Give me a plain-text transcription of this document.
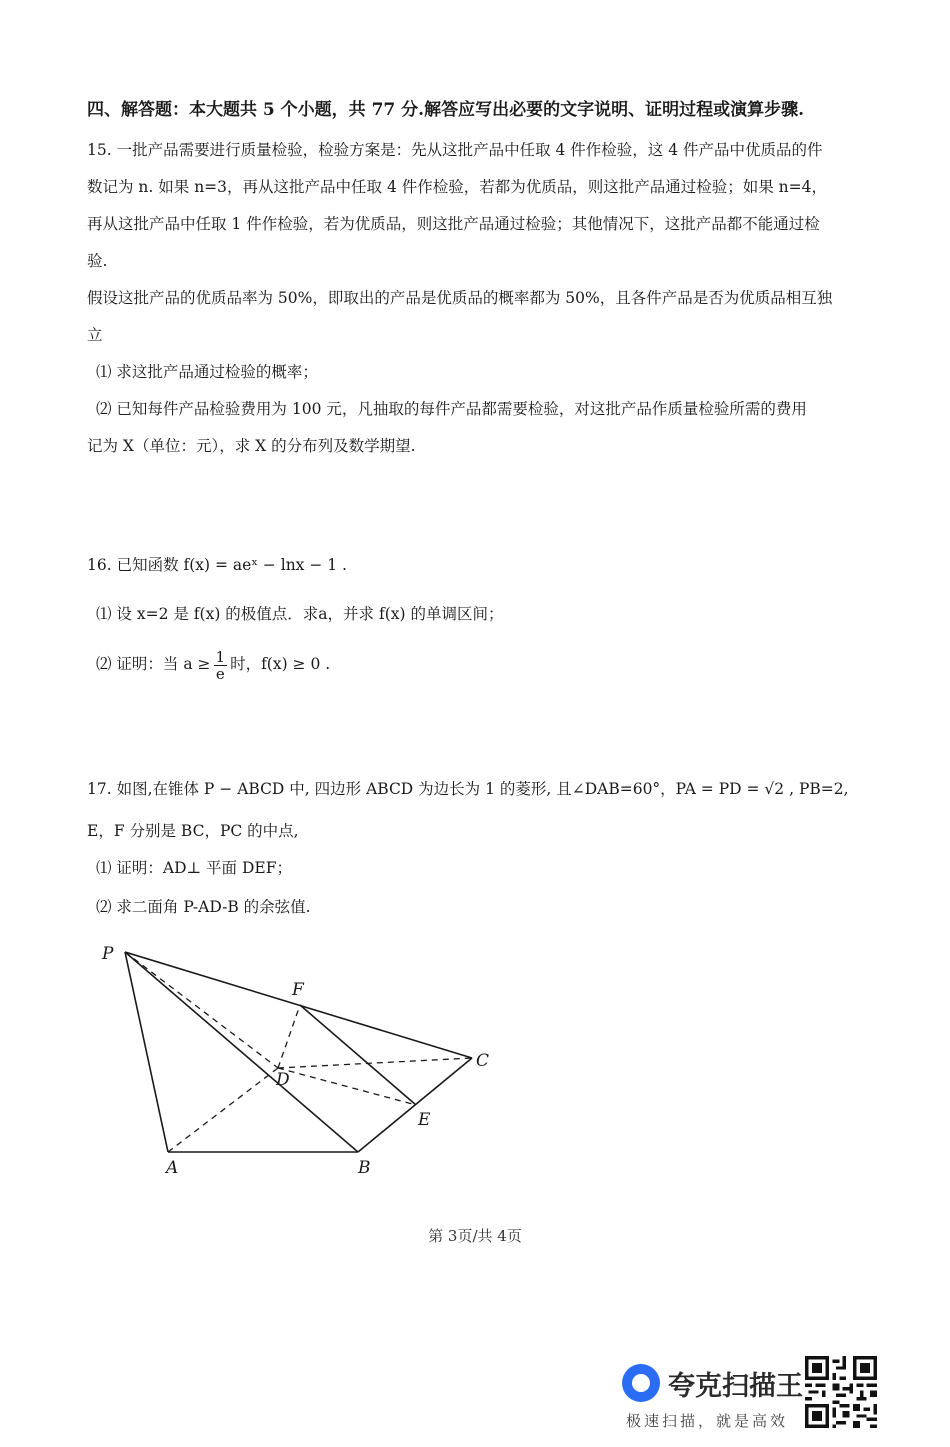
四、解答题：本大题共 5 个小题，共 77 分.解答应写出必要的文字说明、证明过程或演算步骤.
15. 一批产品需要进行质量检验，检验方案是：先从这批产品中任取 4 件作检验，这 4 件产品中优质品的件
数记为 n. 如果 n=3，再从这批产品中任取 4 件作检验，若都为优质品，则这批产品通过检验；如果 n=4，
再从这批产品中任取 1 件作检验，若为优质品，则这批产品通过检验；其他情况下，这批产品都不能通过检
验.
假设这批产品的优质品率为 50%，即取出的产品是优质品的概率都为 50%，且各件产品是否为优质品相互独
立
⑴ 求这批产品通过检验的概率；
⑵ 已知每件产品检验费用为 100 元，凡抽取的每件产品都需要检验，对这批产品作质量检验所需的费用
记为 X（单位：元），求 X 的分布列及数学期望.
16. 已知函数 f(x) = aeˣ − lnx − 1 .
⑴ 设 x=2 是 f(x) 的极值点．求a，并求 f(x) 的单调区间；
⑵ 证明：当 $a \ge \frac{1}{e}$ 时，f(x) ≥ 0 .
17. 如图,在锥体 P − ABCD 中, 四边形 ABCD 为边长为 1 的菱形, 且∠DAB=60°，PA = PD = √2 , PB=2,
E，F 分别是 BC，PC 的中点,
⑴ 证明：AD⊥ 平面 DEF；
⑵ 求二面角 P-AD-B 的余弦值.
P
F
C
D
E
A	B
第 3页/共 4页
夸克扫描王
极速扫描，就是高效
